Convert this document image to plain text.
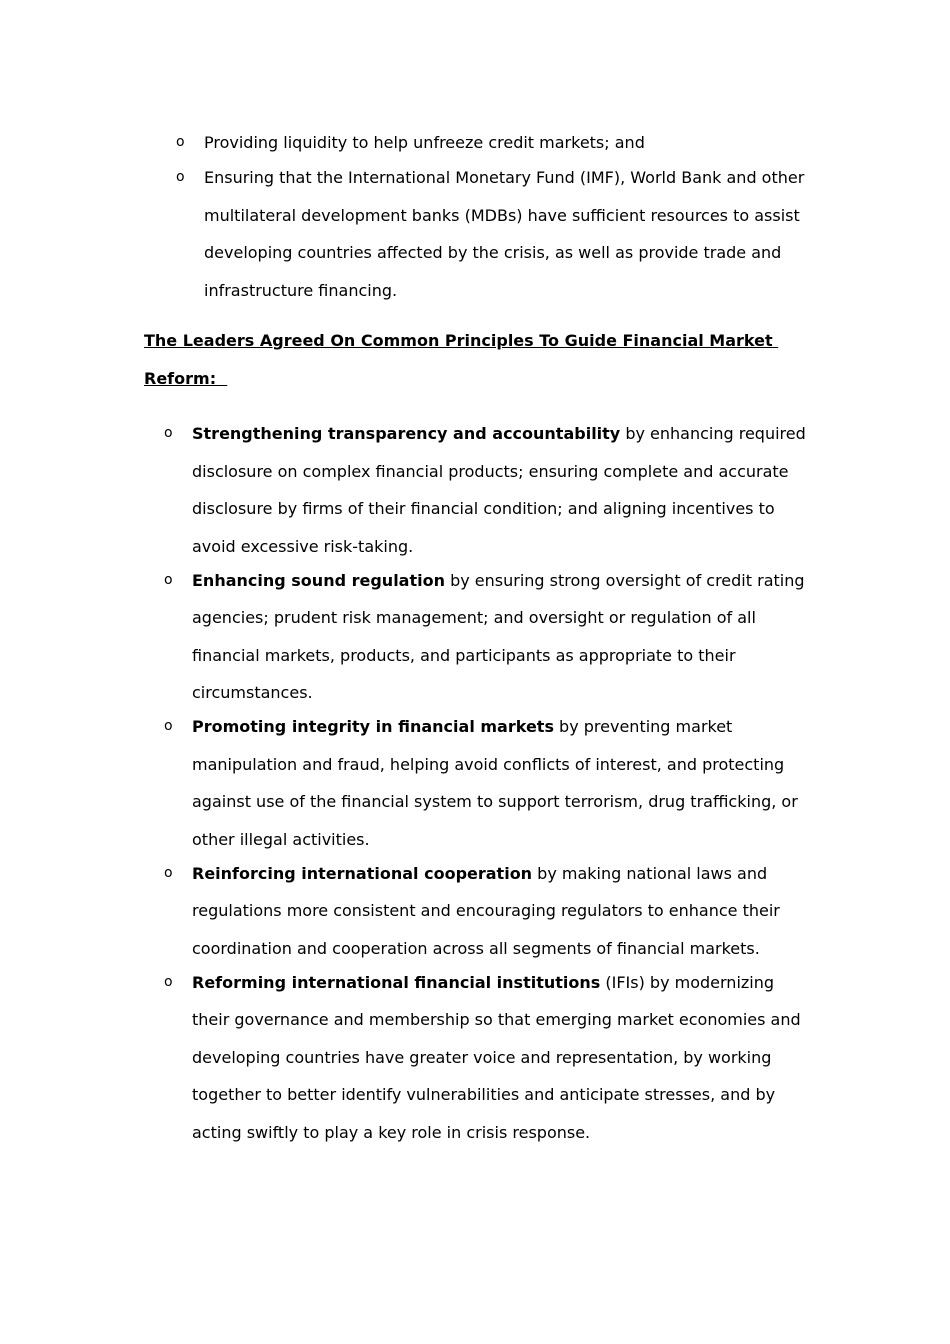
o Providing liquidity to help unfreeze credit markets; and
o Ensuring that the International Monetary Fund (IMF), World Bank and other multilateral development banks (MDBs) have sufficient resources to assist developing countries affected by the crisis, as well as provide trade and infrastructure financing.
The Leaders Agreed On Common Principles To Guide Financial Market Reform:
o Strengthening transparency and accountability by enhancing required disclosure on complex financial products; ensuring complete and accurate disclosure by firms of their financial condition; and aligning incentives to avoid excessive risk-taking.
o Enhancing sound regulation by ensuring strong oversight of credit rating agencies; prudent risk management; and oversight or regulation of all financial markets, products, and participants as appropriate to their circumstances.
o Promoting integrity in financial markets by preventing market manipulation and fraud, helping avoid conflicts of interest, and protecting against use of the financial system to support terrorism, drug trafficking, or other illegal activities.
o Reinforcing international cooperation by making national laws and regulations more consistent and encouraging regulators to enhance their coordination and cooperation across all segments of financial markets.
o Reforming international financial institutions (IFIs) by modernizing their governance and membership so that emerging market economies and developing countries have greater voice and representation, by working together to better identify vulnerabilities and anticipate stresses, and by acting swiftly to play a key role in crisis response.
